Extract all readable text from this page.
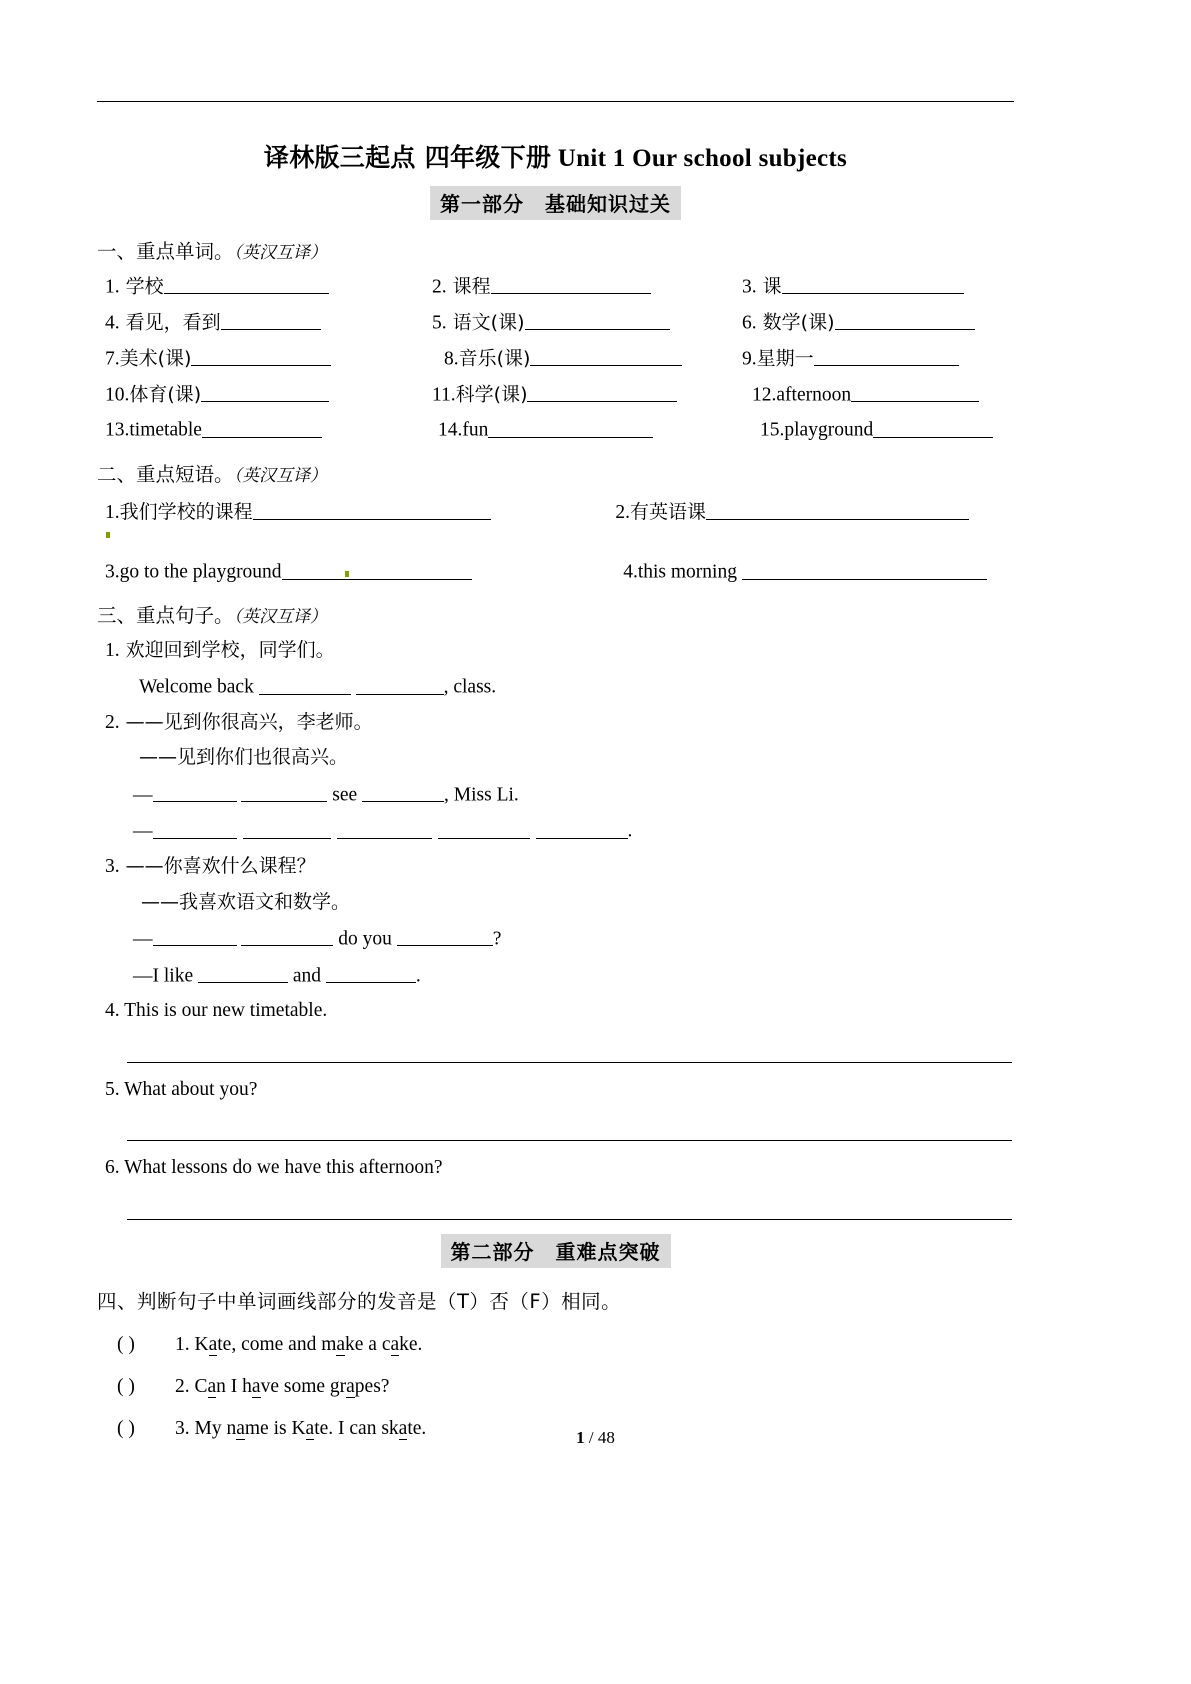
译林版三起点 四年级下册 Unit 1 Our school subjects
第一部分　基础知识过关
一、重点单词。（英汉互译）
1. 学校	2. 课程	3. 课
4. 看见，看到	5. 语文(课)	6. 数学(课)
7.美术(课)	8.音乐(课)	9.星期一
10.体育(课)	11.科学(课)	12.afternoon
13.timetable	14.fun	15.playground
二、重点短语。（英汉互译）
1.我们学校的课程	2.有英语课
3.go to the playground	4.this morning
三、重点句子。（英汉互译）
1. 欢迎回到学校，同学们。
Welcome back	, class.
2. ——见到你很高兴，李老师。
——见到你们也很高兴。
—	see	, Miss Li.
—	.
3. ——你喜欢什么课程？
——我喜欢语文和数学。
—	do you	?
—I like	and	.
4. This is our new timetable.
5. What about you?
6. What lessons do we have this afternoon?
第二部分　重难点突破
四、判断句子中单词画线部分的发音是（T）否（F）相同。
( ) 1. Kate, come and make a cake.
( ) 2. Can I have some grapes?
( ) 3. My name is Kate. I can skate.	1 / 48
